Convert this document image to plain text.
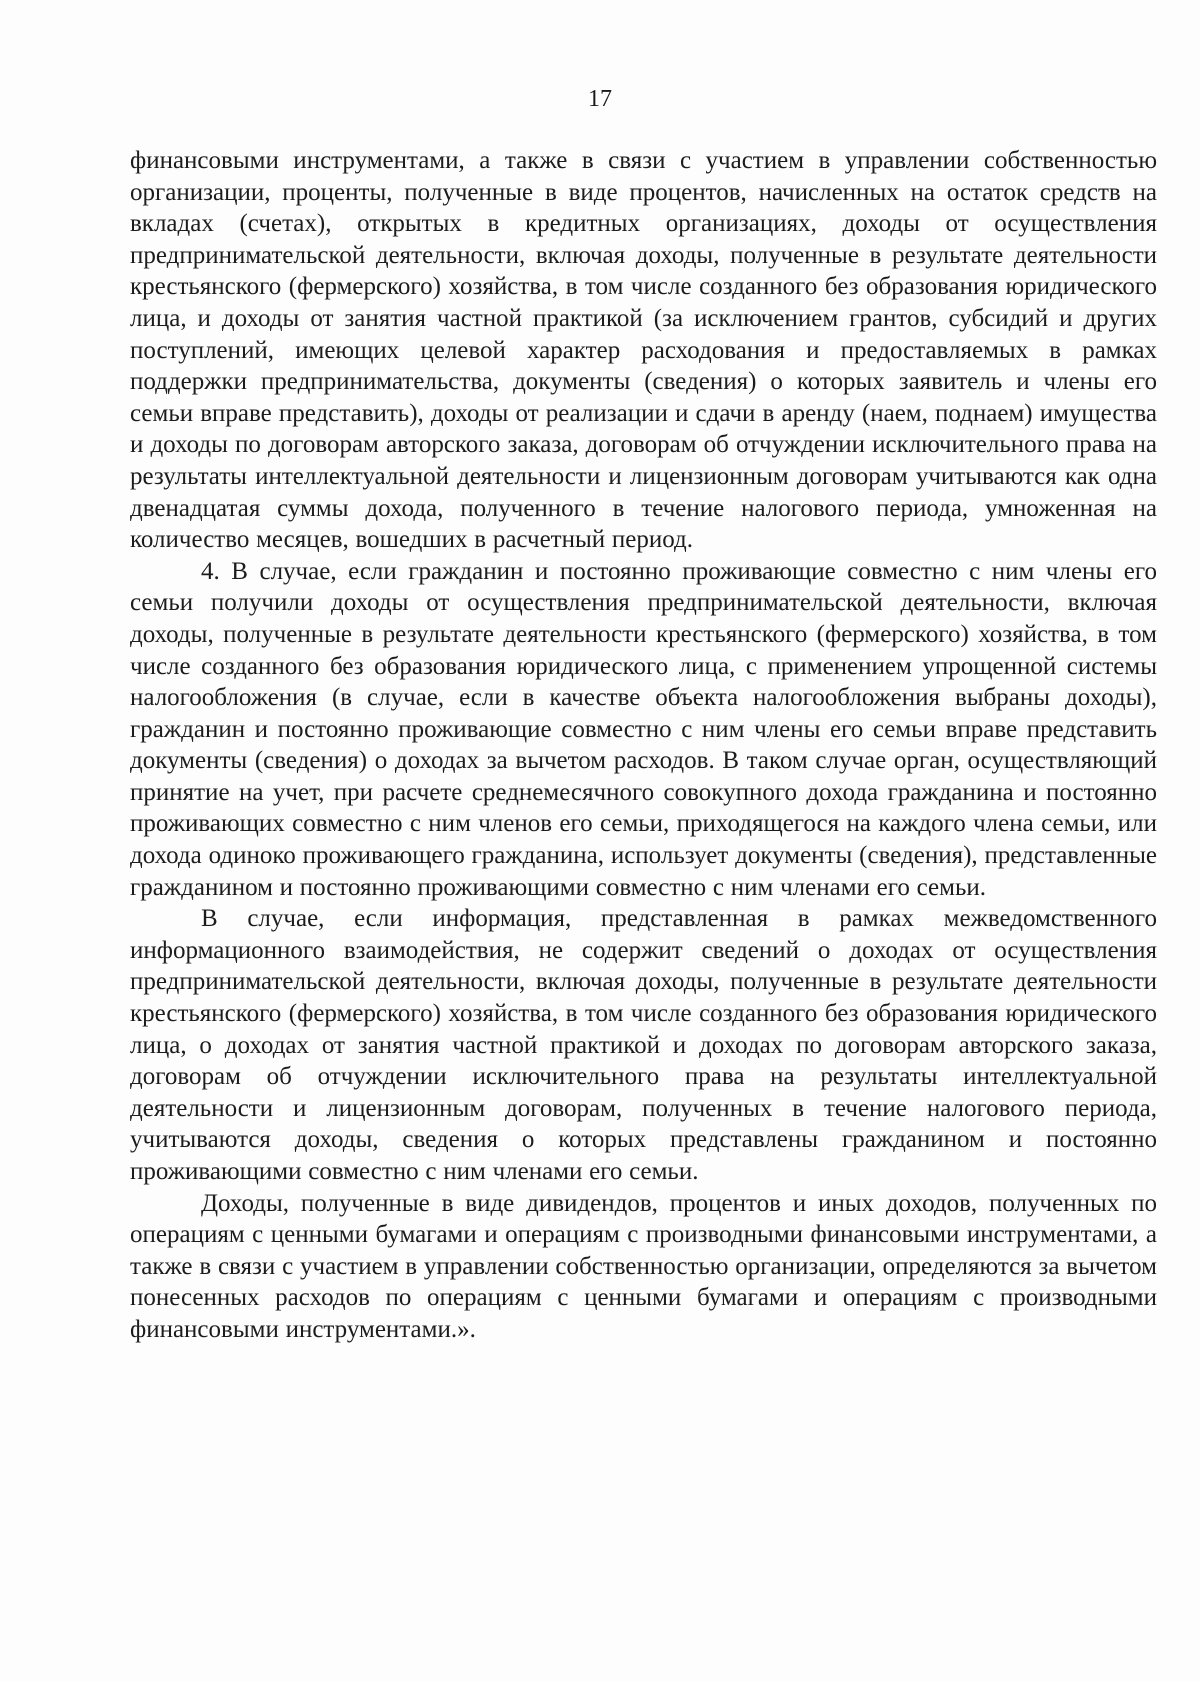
17

финансовыми инструментами, а также в связи с участием в управлении собственностью организации, проценты, полученные в виде процентов, начисленных на остаток средств на вкладах (счетах), открытых в кредитных организациях, доходы от осуществления предпринимательской деятельности, включая доходы, полученные в результате деятельности крестьянского (фермерского) хозяйства, в том числе созданного без образования юридического лица, и доходы от занятия частной практикой (за исключением грантов, субсидий и других поступлений, имеющих целевой характер расходования и предоставляемых в рамках поддержки предпринимательства, документы (сведения) о которых заявитель и члены его семьи вправе представить), доходы от реализации и сдачи в аренду (наем, поднаем) имущества и доходы по договорам авторского заказа, договорам об отчуждении исключительного права на результаты интеллектуальной деятельности и лицензионным договорам учитываются как одна двенадцатая суммы дохода, полученного в течение налогового периода, умноженная на количество месяцев, вошедших в расчетный период.

4. В случае, если гражданин и постоянно проживающие совместно с ним члены его семьи получили доходы от осуществления предпринимательской деятельности, включая доходы, полученные в результате деятельности крестьянского (фермерского) хозяйства, в том числе созданного без образования юридического лица, с применением упрощенной системы налогообложения (в случае, если в качестве объекта налогообложения выбраны доходы), гражданин и постоянно проживающие совместно с ним члены его семьи вправе представить документы (сведения) о доходах за вычетом расходов. В таком случае орган, осуществляющий принятие на учет, при расчете среднемесячного совокупного дохода гражданина и постоянно проживающих совместно с ним членов его семьи, приходящегося на каждого члена семьи, или дохода одиноко проживающего гражданина, использует документы (сведения), представленные гражданином и постоянно проживающими совместно с ним членами его семьи.

В случае, если информация, представленная в рамках межведомственного информационного взаимодействия, не содержит сведений о доходах от осуществления предпринимательской деятельности, включая доходы, полученные в результате деятельности крестьянского (фермерского) хозяйства, в том числе созданного без образования юридического лица, о доходах от занятия частной практикой и доходах по договорам авторского заказа, договорам об отчуждении исключительного права на результаты интеллектуальной деятельности и лицензионным договорам, полученных в течение налогового периода, учитываются доходы, сведения о которых представлены гражданином и постоянно проживающими совместно с ним членами его семьи.

Доходы, полученные в виде дивидендов, процентов и иных доходов, полученных по операциям с ценными бумагами и операциям с производными финансовыми инструментами, а также в связи с участием в управлении собственностью организации, определяются за вычетом понесенных расходов по операциям с ценными бумагами и операциям с производными финансовыми инструментами.».
